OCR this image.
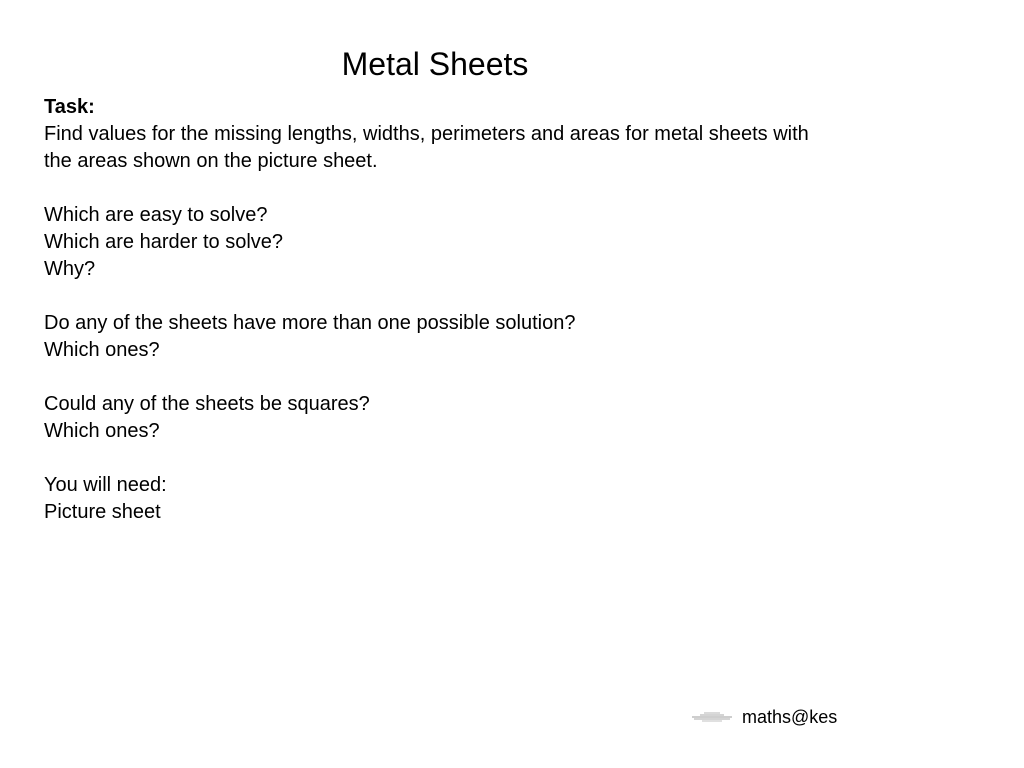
Metal Sheets
Task:
Find values for the missing lengths, widths, perimeters and areas for metal sheets with
the areas shown on the picture sheet.
Which are easy to solve?
Which are harder to solve?
Why?
Do any of the sheets have more than one possible solution?
Which ones?
Could any of the sheets be squares?
Which ones?
You will need:
Picture sheet
maths@kes
